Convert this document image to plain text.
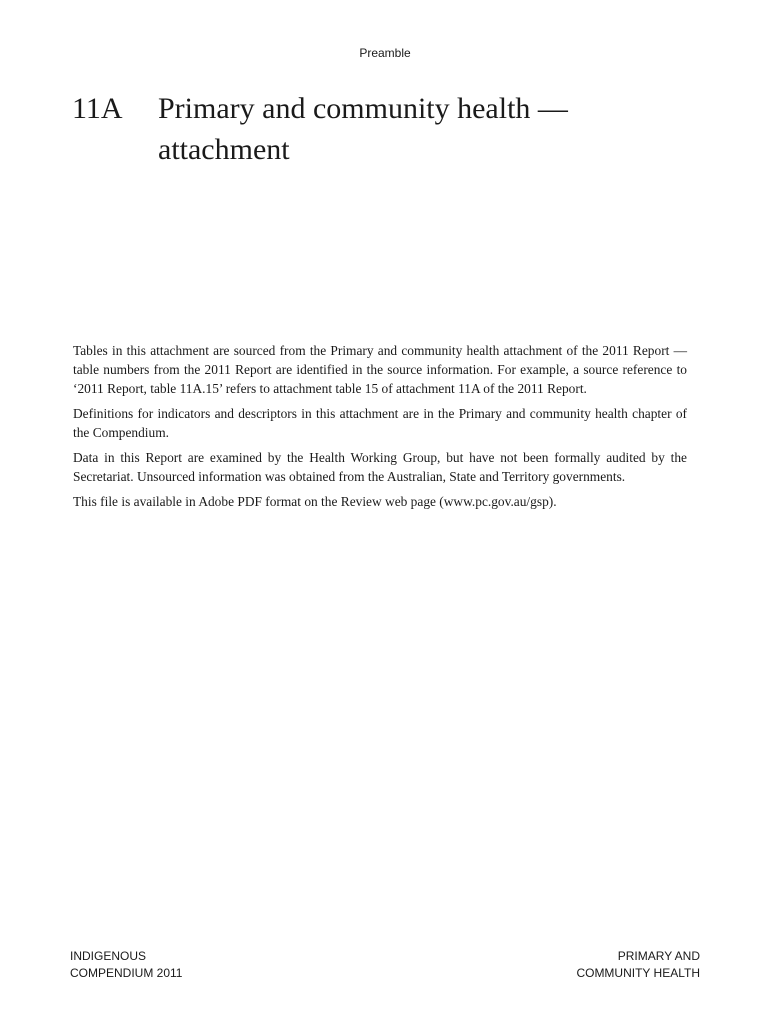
Preamble
11A	Primary and community health —
attachment

Tables in this attachment are sourced from the Primary and community health attachment of the 2011 Report — table numbers from the 2011 Report are identified in the source information. For example, a source reference to ‘2011 Report, table 11A.15’ refers to attachment table 15 of attachment 11A of the 2011 Report.

Definitions for indicators and descriptors in this attachment are in the Primary and community health chapter of the Compendium.

Data in this Report are examined by the Health Working Group, but have not been formally audited by the Secretariat. Unsourced information was obtained from the Australian, State and Territory governments.

This file is available in Adobe PDF format on the Review web page (www.pc.gov.au/gsp).

INDIGENOUS
COMPENDIUM 2011
PRIMARY AND
COMMUNITY HEALTH
